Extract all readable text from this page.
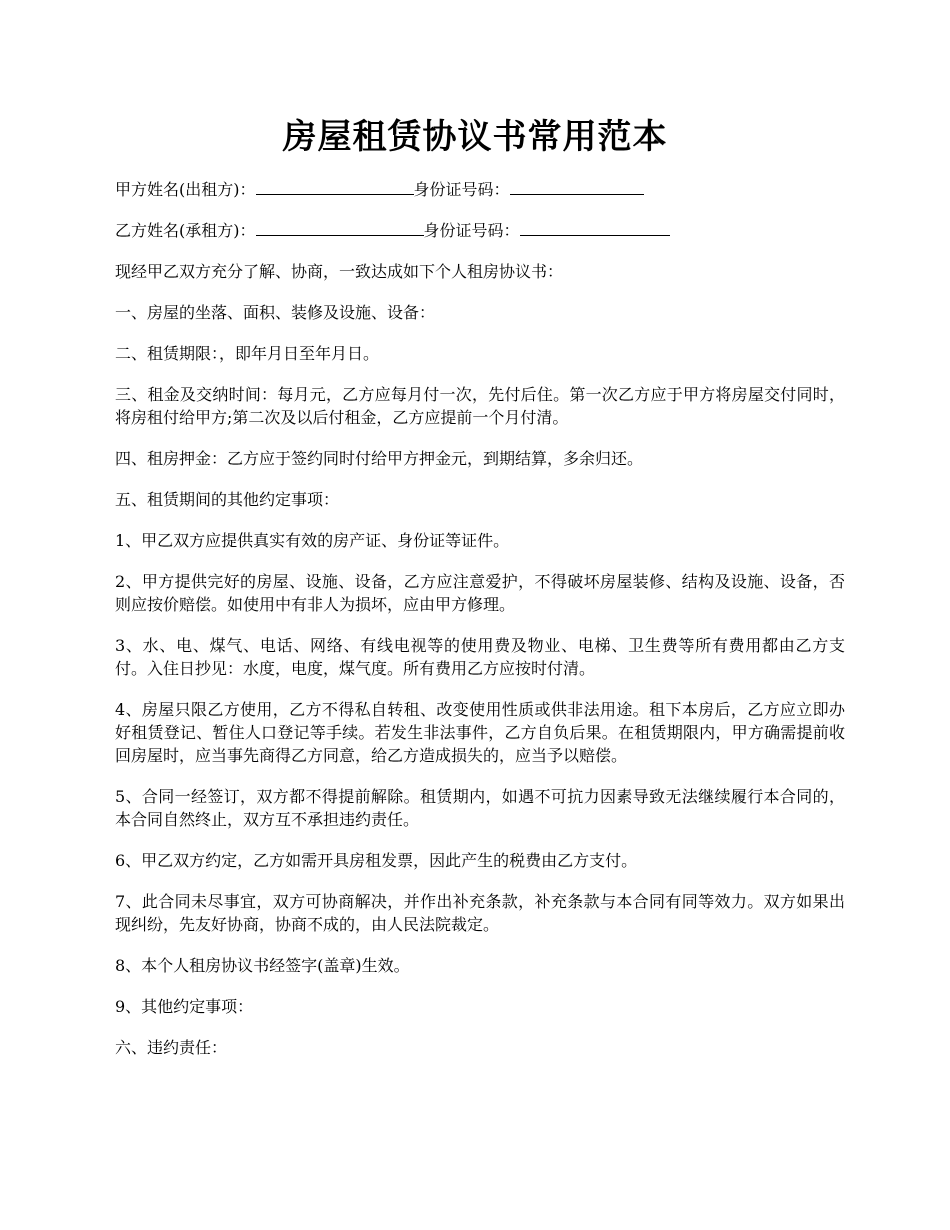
房屋租赁协议书常用范本

甲方姓名(出租方)：	身份证号码：

乙方姓名(承租方)：	身份证号码：

现经甲乙双方充分了解、协商，一致达成如下个人租房协议书：

一、房屋的坐落、面积、装修及设施、设备：

二、租赁期限：，即年月日至年月日。

三、租金及交纳时间：每月元，乙方应每月付一次，先付后住。第一次乙方应于甲方将房屋交付同时，将房租付给甲方;第二次及以后付租金，乙方应提前一个月付清。

四、租房押金：乙方应于签约同时付给甲方押金元，到期结算，多余归还。

五、租赁期间的其他约定事项：

1、甲乙双方应提供真实有效的房产证、身份证等证件。

2、甲方提供完好的房屋、设施、设备，乙方应注意爱护，不得破坏房屋装修、结构及设施、设备，否则应按价赔偿。如使用中有非人为损坏，应由甲方修理。

3、水、电、煤气、电话、网络、有线电视等的使用费及物业、电梯、卫生费等所有费用都由乙方支付。入住日抄见：水度，电度，煤气度。所有费用乙方应按时付清。

4、房屋只限乙方使用，乙方不得私自转租、改变使用性质或供非法用途。租下本房后，乙方应立即办好租赁登记、暂住人口登记等手续。若发生非法事件，乙方自负后果。在租赁期限内，甲方确需提前收回房屋时，应当事先商得乙方同意，给乙方造成损失的，应当予以赔偿。

5、合同一经签订，双方都不得提前解除。租赁期内，如遇不可抗力因素导致无法继续履行本合同的，本合同自然终止，双方互不承担违约责任。

6、甲乙双方约定，乙方如需开具房租发票，因此产生的税费由乙方支付。

7、此合同未尽事宜，双方可协商解决，并作出补充条款，补充条款与本合同有同等效力。双方如果出现纠纷，先友好协商，协商不成的，由人民法院裁定。

8、本个人租房协议书经签字(盖章)生效。

9、其他约定事项：

六、违约责任：
